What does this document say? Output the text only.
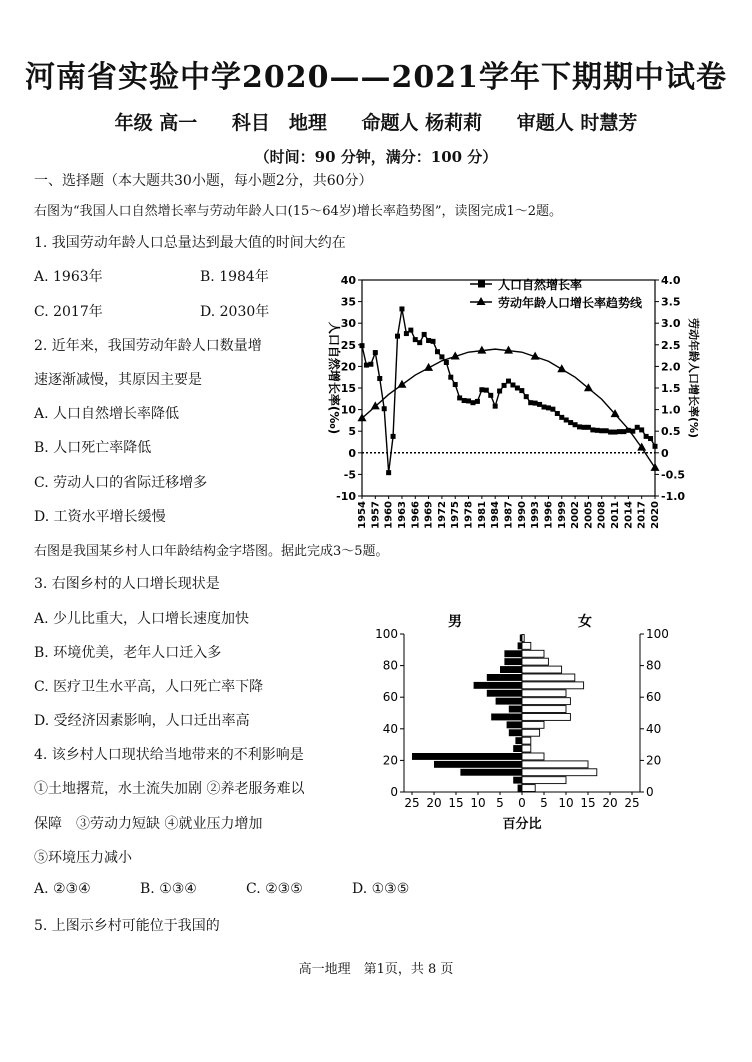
河南省实验中学2020——2021学年下期期中试卷
年级 高一 科目　地理 命题人 杨莉莉 审题人 时慧芳
（时间：90 分钟，满分：100 分）
一、选择题（本大题共30小题，每小题2分，共60分）
右图为“我国人口自然增长率与劳动年龄人口(15～64岁)增长率趋势图”，读图完成1～2题。
1. 我国劳动年龄人口总量达到最大值的时间大约在
A. 1963年	B. 1984年
C. 2017年	D. 2030年
2. 近年来，我国劳动年龄人口数量增
速逐渐减慢，其原因主要是
A. 人口自然增长率降低
B. 人口死亡率降低
C. 劳动人口的省际迁移增多
D. 工资水平增长缓慢
右图是我国某乡村人口年龄结构金字塔图。据此完成3～5题。
3. 右图乡村的人口增长现状是
A. 少儿比重大，人口增长速度加快
B. 环境优美，老年人口迁入多
C. 医疗卫生水平高，人口死亡率下降
D. 受经济因素影响，人口迁出率高
4. 该乡村人口现状给当地带来的不利影响是
①土地撂荒，水土流失加剧 ②养老服务难以
保障　③劳动力短缺 ④就业压力增加
⑤环境压力减小
A. ②③④	B. ①③④	C. ②③⑤	D. ①③⑤
5. 上图示乡村可能位于我国的
高一地理　第1页，共 8 页
-10
-5
0
5
10
15
20
25
30
35
40
-1.0
-0.5
0
0.5
1.0
1.5
2.0
2.5
3.0
3.5
4.0
1954 1957 1960 1963 1966 1969 1972 1975 1978 1981 1984 1987 1990 1993 1996 1999 2002 2005 2008 2011 2014 2017 2020
人口自然增长率
劳动年龄人口增长率趋势线
人口自然增长率(‰)	劳动年龄人口增长率(%)
0	0
20	20
40	40
60	60
80	80
100	100
25 20 15 10 5 0 5 10 15 20 25
男	女
百分比
